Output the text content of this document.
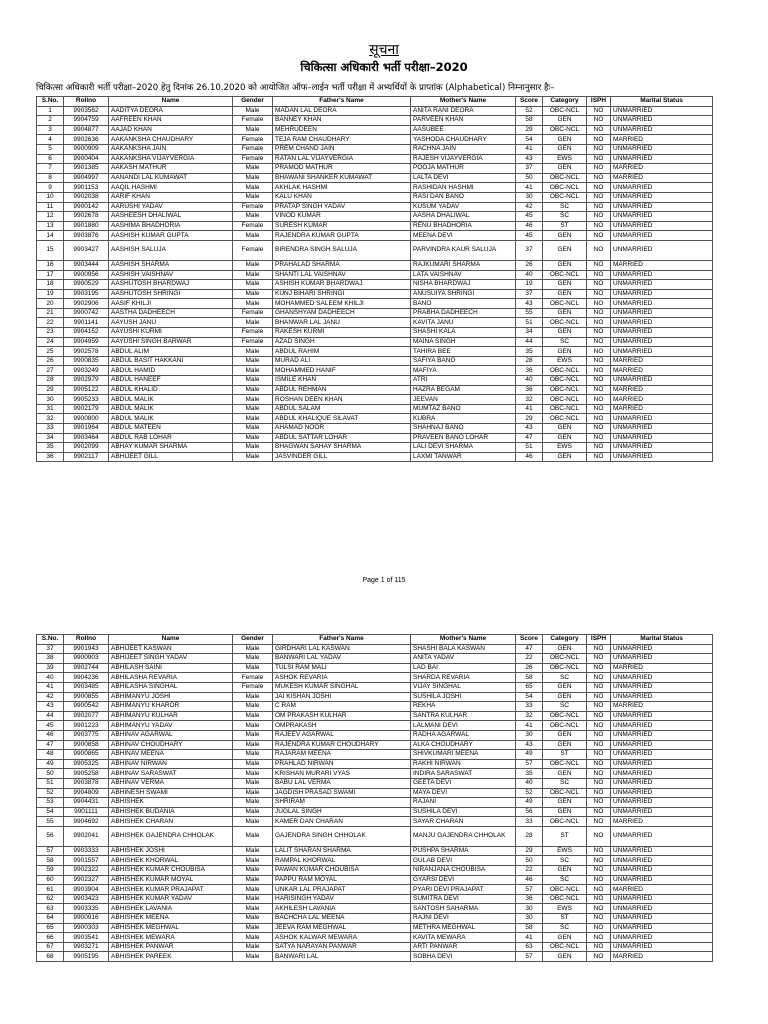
सूचना
चिकित्सा अधिकारी भर्ती परीक्षा–2020
चिकित्सा अधिकारी भर्ती परीक्षा–2020 हेतु दिनांक 26.10.2020 को आयोजित ऑफ–लाईन भर्ती परीक्षा में अभ्यर्थियों के प्राप्तांक (Alphabetical) निम्नानुसार हैः–
S.No.	Rollno	Name	Gender	Father's Name	Mother's Name	Score	Category	ISPH	Marital Status
1	9903562	AADITYA DEORA	Male	MADAN LAL DEORA	ANITA RANI DEORA	52	OBC-NCL	NO	UNMARRIED
2	9904759	AAFREEN KHAN	Female	BANNEY KHAN	PARVEEN KHAN	58	GEN	NO	UNMARRIED
3	9904877	AAJAD KHAN	Male	MEHRUDEEN	AASUBEE	29	OBC-NCL	NO	UNMARRIED
4	9902636	AAKANKSHA CHAUDHARY	Female	TEJA RAM CHAUDHARY	YASHODA CHAUDHARY	54	GEN	NO	MARRIED
5	9900909	AAKANKSHA JAIN	Female	PREM CHAND JAIN	RACHNA JAIN	41	GEN	NO	UNMARRIED
6	9900404	AAKANKSHA VIJAYVERGIA	Female	RATAN LAL VIJAYVERGIA	RAJESH VIJAYVERGIA	43	EWS	NO	UNMARRIED
7	9901385	AAKASH MATHUR	Male	PRAMOD MATHUR	POOJA MATHUR	37	GEN	NO	MARRIED
8	9904997	AANANDI LAL KUMAWAT	Male	BHAWANI SHANKER KUMAWAT	LALTA DEVI	50	OBC-NCL	NO	MARRIED
9	9901153	AAQIL HASHMI	Male	AKHLAK HASHMI	RASHIDAN HASHMI	41	OBC-NCL	NO	UNMARRIED
10	9902038	AARIF KHAN	Male	KALU KHAN	RASI DAN BANO	30	OBC-NCL	NO	UNMARRIED
11	9900142	AARUSHI YADAV	Female	PRATAP SINGH YADAV	KUSUM YADAV	42	SC	NO	UNMARRIED
12	9902678	AASHEESH DHALIWAL	Male	VINOD KUMAR	AASHA DHALIWAL	45	SC	NO	UNMARRIED
13	9901880	AASHIMA BHADHORIA	Female	SURESH KUMAR	RENU BHADHORIA	46	ST	NO	UNMARRIED
14	9903876	AASHISH KUMAR GUPTA	Male	RAJENDRA KUMAR GUPTA	MEENA DEVI	45	GEN	NO	UNMARRIED
15	9903427	AASHISH SALUJA	Female	BIRENDRA SINGH SALUJA	PARVINDRA KAUR SALUJA	37	GEN	NO	UNMARRIED
16	9903444	AASHISH SHARMA	Male	PRAHALAD SHARMA	RAJKUMARI SHARMA	26	GEN	NO	MARRIED
17	9900956	AASHISH VAISHNAV	Male	SHANTI LAL VAISHNAV	LATA VAISHNAV	40	OBC-NCL	NO	UNMARRIED
18	9900529	AASHUTOSH BHARDWAJ	Male	ASHISH KUMAR BHARDWAJ	NISHA BHARDWAJ	19	GEN	NO	UNMARRIED
19	9903195	AASHUTOSH SHRINGI	Male	KUNJ BIHARI SHRINGI	ANUSUIYA SHRINGI	37	GEN	NO	UNMARRIED
20	9902906	AASIF KHILJI	Male	MOHAMMED SALEEM KHILJI	BANO	43	OBC-NCL	NO	UNMARRIED
21	9900742	AASTHA DADHEECH	Female	GHANSHYAM DADHEECH	PRABHA DADHEECH	55	GEN	NO	UNMARRIED
22	9901141	AAYUSH JANU	Male	BHANWAR LAL JANU	KAVITA JANU	51	OBC-NCL	NO	UNMARRIED
23	9904152	AAYUSHI KURMI	Female	RAKESH KURMI	SHASHI KALA	34	GEN	NO	UNMARRIED
24	9904959	AAYUSHI SINGH BARWAR	Female	AZAD SINGH	MAINA SINGH	44	SC	NO	UNMARRIED
25	9902578	ABDUL ALIM	Male	ABDUL RAHIM	TAHIRA BEE	35	GEN	NO	UNMARRIED
26	9900835	ABDUL BASIT HAKKANI	Male	MURAD ALI	SAFIYA BANO	28	EWS	NO	MARRIED
27	9903249	ABDUL HAMID	Male	MOHAMMED HANIF	MAFIYA	36	OBC-NCL	NO	MARRIED
28	9902979	ABDUL HANEEF	Male	ISMILE KHAN	ATRI	40	OBC-NCL	NO	UNMARRIED
29	9905122	ABDUL KHALID	Male	ABDUL REHMAN	HAZRA BEGAM	36	OBC-NCL	NO	MARRIED
30	9905233	ABDUL MALIK	Male	ROSHAN DEEN KHAN	JEEVAN	32	OBC-NCL	NO	MARRIED
31	9902179	ABDUL MALIK	Male	ABDUL SALAM	MUMTAZ BANO	41	OBC-NCL	NO	MARRIED
32	9900800	ABDUL MALIK	Male	ABDUL KHALIQUE SILAVAT	KUBRA	29	OBC-NCL	NO	UNMARRIED
33	9901964	ABDUL MATEEN	Male	AHAMAD NOOR	SHAHNAJ BANO	43	GEN	NO	UNMARRIED
34	9903464	ABDUL RAB LOHAR	Male	ABDUL SATTAR LOHAR	PRAVEEN BANO LOHAR	47	GEN	NO	UNMARRIED
35	9902099	ABHAY KUMAR SHARMA	Male	BHAGWAN SAHAY SHARMA	LALI DEVI SHARMA	51	EWS	NO	UNMARRIED
36	9902117	ABHIJEET GILL	Male	JASVINDER GILL	LAXMI TANWAR	46	GEN	NO	UNMARRIED
Page 1 of 115
S.No.	Rollno	Name	Gender	Father's Name	Mother's Name	Score	Category	ISPH	Marital Status
37	9901943	ABHIJEET KASWAN	Male	GIRDHARI LAL KASWAN	SHASHI BALA KASWAN	47	GEN	NO	UNMARRIED
38	9900903	ABHIJEET SINGH YADAV	Male	BANWARI LAL YADAV	ANITA YADAV	22	OBC-NCL	NO	UNMARRIED
39	9902744	ABHILASH SAINI	Male	TULSI RAM MALI	LAD BAI	26	OBC-NCL	NO	MARRIED
40	9904236	ABHILASHA REVARIA	Female	ASHOK REVARIA	SHARDA REVARIA	58	SC	NO	UNMARRIED
41	9903485	ABHILASHA SINGHAL	Female	MUKESH KUMAR SINGHAL	VIJAY SINGHAL	65	GEN	NO	UNMARRIED
42	9900855	ABHIMANYU JOSHI	Male	JAI KISHAN JOSHI	SUSHILA JOSHI	54	GEN	NO	UNMARRIED
43	9900542	ABHIMANYU KHAROR	Male	C RAM	REKHA	33	SC	NO	MARRIED
44	9902077	ABHIMANYU KULHAR	Male	OM PRAKASH KULHAR	SANTRA KULHAR	32	OBC-NCL	NO	UNMARRIED
45	9901223	ABHIMANYU YADAV	Male	OMPRAKASH	LALMANI DEVI	41	OBC-NCL	NO	UNMARRIED
46	9903775	ABHINAV AGARWAL	Male	RAJEEV AGARWAL	RADHA AGARWAL	30	GEN	NO	UNMARRIED
47	9900858	ABHINAV CHOUDHARY	Male	RAJENDRA KUMAR CHOUDHARY	ALKA CHOUDHARY	43	GEN	NO	UNMARRIED
48	9900865	ABHINAV MEENA	Male	RAJARAM MEENA	SHIVKUMARI MEENA	49	ST	NO	UNMARRIED
49	9905325	ABHINAV NIRWAN	Male	PRAHLAD NIRWAN	RAKHI NIRWAN	57	OBC-NCL	NO	UNMARRIED
50	9905258	ABHINAV SARASWAT	Male	KRISHAN MURARI VYAS	INDIRA SARASWAT	35	GEN	NO	UNMARRIED
51	9903878	ABHINAV VERMA	Male	BABU LAL VERMA	GEETA DEVI	40	SC	NO	UNMARRIED
52	9904809	ABHINESH SWAMI	Male	JAGDISH PRASAD SWAMI	MAYA DEVI	52	OBC-NCL	NO	UNMARRIED
53	9904431	ABHISHEK	Male	SHRIRAM	RAJANI	49	GEN	NO	UNMARRIED
54	9901111	ABHISHEK BUDANIA	Male	JUGLAL SINGH	SUSHILA DEVI	56	GEN	NO	UNMARRIED
55	9904692	ABHISHEK CHARAN	Male	KAMER DAN CHARAN	SAYAR CHARAN	33	OBC-NCL	NO	MARRIED
56	9902041	ABHISHEK GAJENDRA CHHOLAK	Male	GAJENDRA SINGH CHHOLAK	MANJU GAJENDRA CHHOLAK	28	ST	NO	UNMARRIED
57	9903333	ABHISHEK JOSHI	Male	LALIT SHARAN SHARMA	PUSHPA SHARMA	29	EWS	NO	UNMARRIED
58	9901557	ABHISHEK KHORWAL	Male	RAMPAL KHORWAL	GULAB DEVI	50	SC	NO	UNMARRIED
59	9902322	ABHISHEK KUMAR CHOUBISA	Male	PAWAN KUMAR CHOUBISA	NIRANJANA CHOUBISA	22	GEN	NO	UNMARRIED
60	9902327	ABHISHEK KUMAR MOYAL	Male	PAPPU RAM MOYAL	GYARSI DEVI	46	SC	NO	UNMARRIED
61	9903904	ABHISHEK KUMAR PRAJAPAT	Male	UNKAR LAL PRAJAPAT	PYARI DEVI PRAJAPAT	57	OBC-NCL	NO	MARRIED
62	9903423	ABHISHEK KUMAR YADAV	Male	HARISINGH YADAV	SUMITRA DEVI	36	OBC-NCL	NO	UNMARRIED
63	9903335	ABHISHEK LAVANIA	Male	AKHILESH LAVANIA	SANTOSH SAHARMA	30	EWS	NO	UNMARRIED
64	9900916	ABHISHEK MEENA	Male	BACHCHA LAL MEENA	RAJNI DEVI	30	ST	NO	UNMARRIED
65	9900303	ABHISHEK MEGHWAL	Male	JEEVA RAM MEGHWAL	METHRA MEGHWAL	58	SC	NO	UNMARRIED
66	9903541	ABHISHEK MEWARA	Male	ASHOK KALWAR MEWARA	KAVITA MEWARA	41	GEN	NO	UNMARRIED
67	9903271	ABHISHEK PANWAR	Male	SATYA NARAYAN PANWAR	ARTI PANWAR	63	OBC-NCL	NO	UNMARRIED
68	9905195	ABHISHEK PAREEK	Male	BANWARI LAL	SOBHA DEVI	57	GEN	NO	MARRIED
